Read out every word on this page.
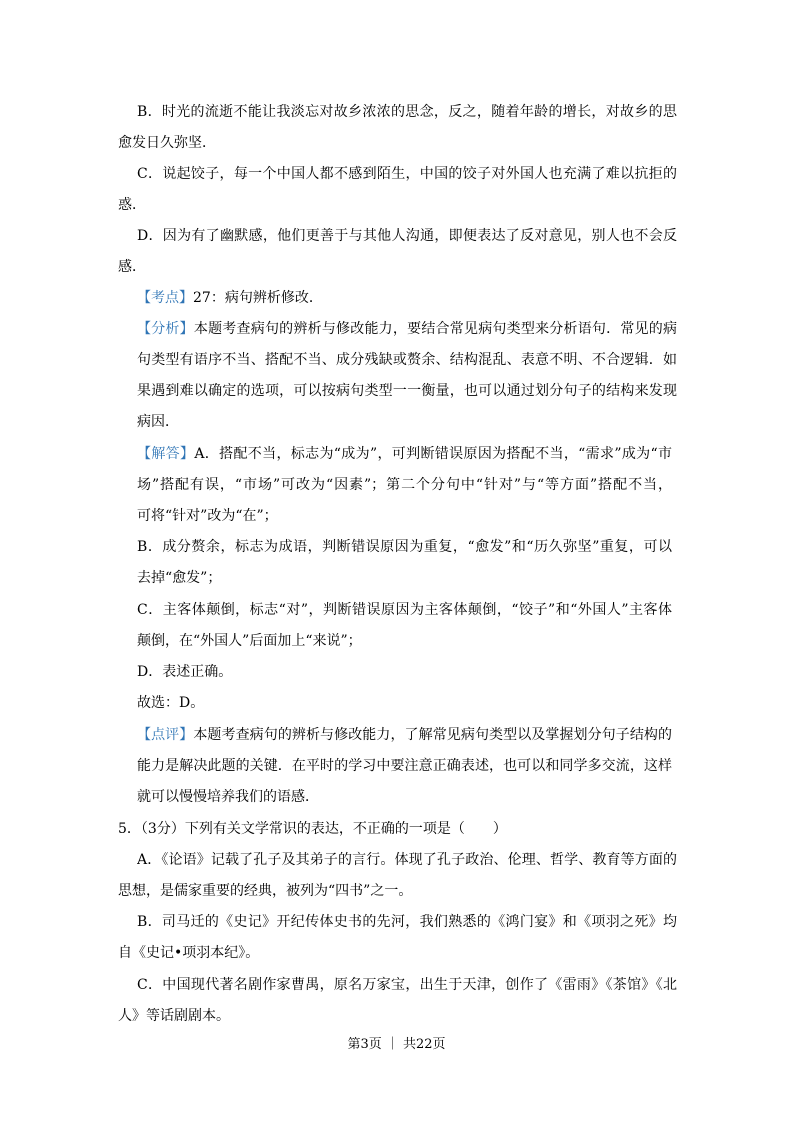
B．时光的流逝不能让我淡忘对故乡浓浓的思念，反之，随着年龄的增长，对故乡的思
愈发日久弥坚．
C．说起饺子，每一个中国人都不感到陌生，中国的饺子对外国人也充满了难以抗拒的
惑．
D．因为有了幽默感，他们更善于与其他人沟通，即便表达了反对意见，别人也不会反
感．
【考点】27：病句辨析修改．
【分析】本题考查病句的辨析与修改能力，要结合常见病句类型来分析语句．常见的病
句类型有语序不当、搭配不当、成分残缺或赘余、结构混乱、表意不明、不合逻辑．如
果遇到难以确定的选项，可以按病句类型一一衡量，也可以通过划分句子的结构来发现
病因．
【解答】A．搭配不当，标志为“成为”，可判断错误原因为搭配不当，“需求”成为“市
场”搭配有误，“市场”可改为“因素”；第二个分句中“针对”与“等方面”搭配不当，
可将“针对”改为“在”；
B．成分赘余，标志为成语，判断错误原因为重复，“愈发”和“历久弥坚”重复，可以
去掉“愈发”；
C．主客体颠倒，标志“对”，判断错误原因为主客体颠倒，“饺子”和“外国人”主客体
颠倒，在“外国人”后面加上“来说”；
D．表述正确。
故选：D。
【点评】本题考查病句的辨析与修改能力，了解常见病句类型以及掌握划分句子结构的
能力是解决此题的关键．在平时的学习中要注意正确表述，也可以和同学多交流，这样
就可以慢慢培养我们的语感．
5．（3分）下列有关文学常识的表达，不正确的一项是（　　）
A．《论语》记载了孔子及其弟子的言行。体现了孔子政治、伦理、哲学、教育等方面的
思想，是儒家重要的经典，被列为“四书”之一。
B．司马迁的《史记》开纪传体史书的先河，我们熟悉的《鸿门宴》和《项羽之死》均
自《史记•项羽本纪》。
C．中国现代著名剧作家曹禺，原名万家宝，出生于天津，创作了《雷雨》《茶馆》《北
人》等话剧剧本。
第3页 ｜ 共22页
